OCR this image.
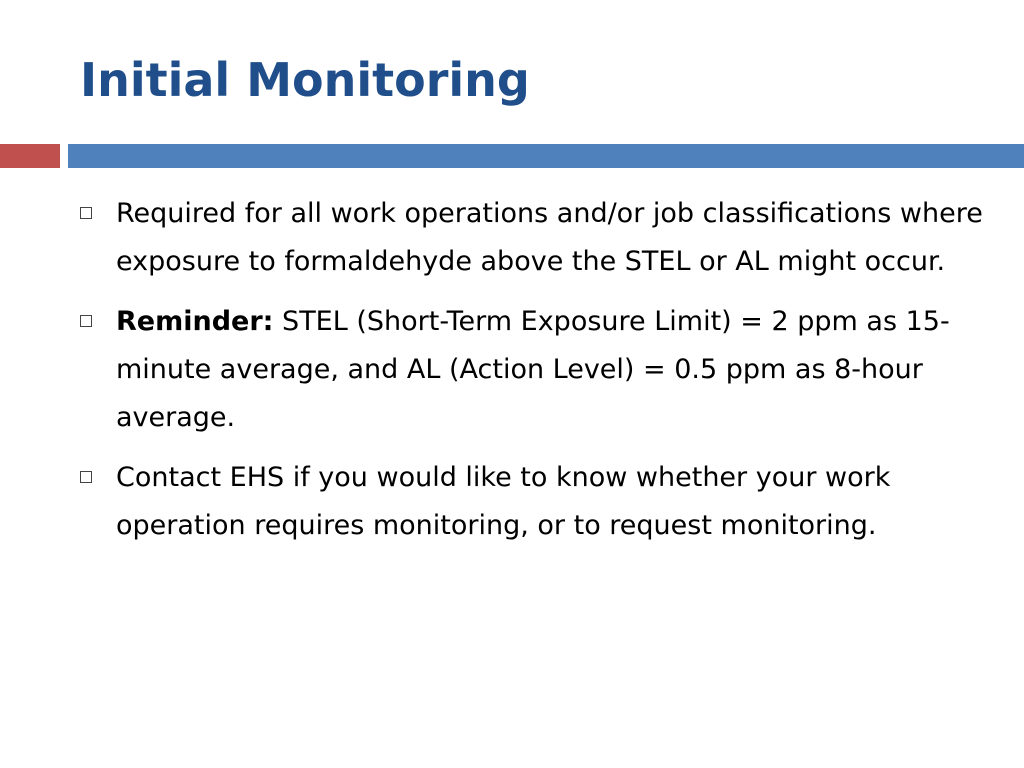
Initial Monitoring
Required for all work operations and/or job classifications where exposure to formaldehyde above the STEL or AL might occur.
Reminder: STEL (Short-Term Exposure Limit) = 2 ppm as 15-minute average, and AL (Action Level) = 0.5 ppm as 8-hour average.
Contact EHS if you would like to know whether your work operation requires monitoring, or to request monitoring.
